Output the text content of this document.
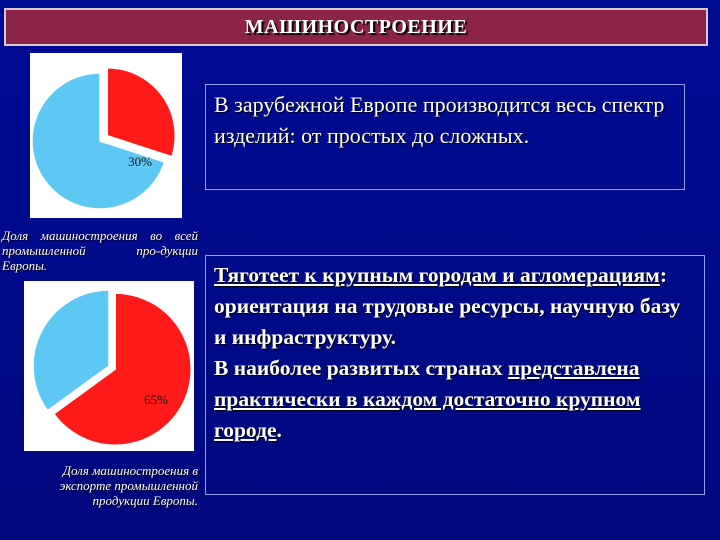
МАШИНОСТРОЕНИЕ
30%
Доля машиностроения во всей промышленной про-дукции Европы.
65%
Доля машиностроения в экспорте промышленной продукции Европы.
В зарубежной Европе производится весь спектр изделий: от простых до сложных.
Тяготеет к крупным городам и агломерациям: ориентация на трудовые ресурсы, научную базу и инфраструктуру.
В наиболее развитых странах представлена практически в каждом достаточно крупном городе.
